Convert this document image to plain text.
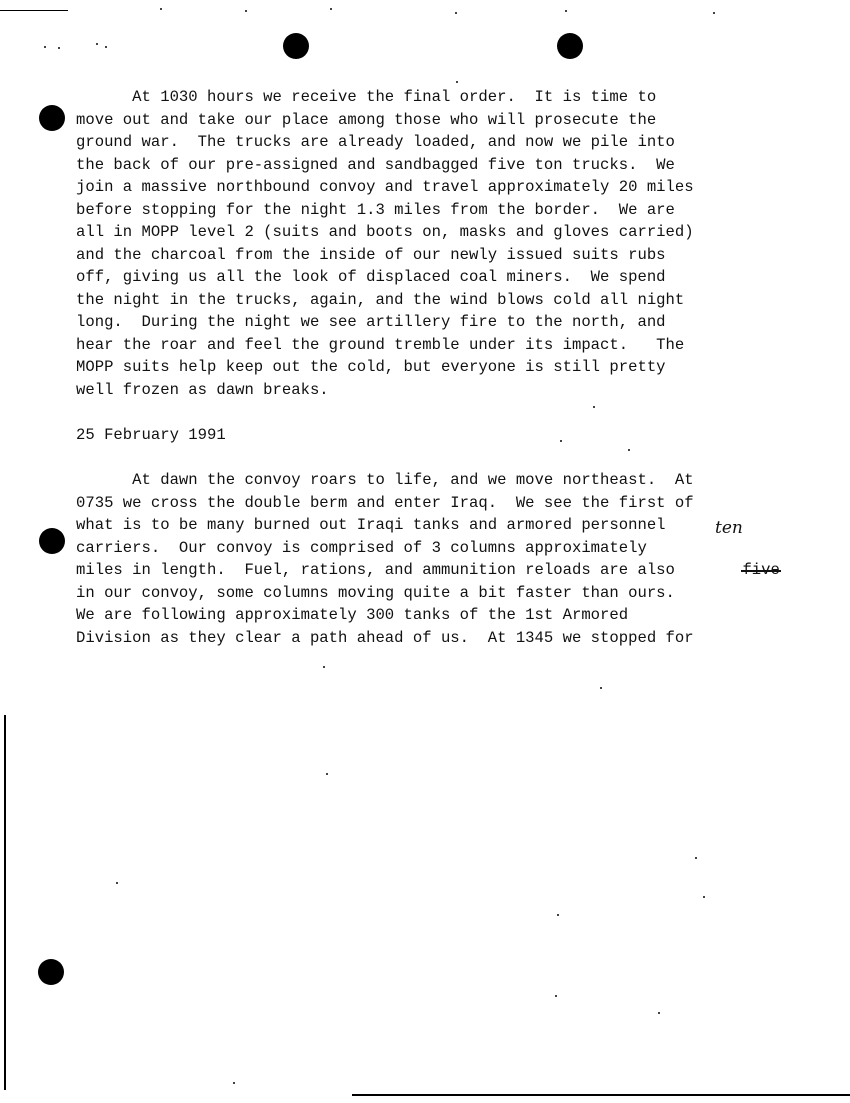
At 1030 hours we receive the final order.  It is time to
move out and take our place among those who will prosecute the
ground war.  The trucks are already loaded, and now we pile into
the back of our pre-assigned and sandbagged five ton trucks.  We
join a massive northbound convoy and travel approximately 20 miles
before stopping for the night 1.3 miles from the border.  We are
all in MOPP level 2 (suits and boots on, masks and gloves carried)
and the charcoal from the inside of our newly issued suits rubs
off, giving us all the look of displaced coal miners.  We spend
the night in the trucks, again, and the wind blows cold all night
long.  During the night we see artillery fire to the north, and
hear the roar and feel the ground tremble under its impact.   The
MOPP suits help keep out the cold, but everyone is still pretty
well frozen as dawn breaks.
25 February 1991
At dawn the convoy roars to life, and we move northeast.  At
0735 we cross the double berm and enter Iraq.  We see the first of
what is to be many burned out Iraqi tanks and armored personnel
carriers.  Our convoy is comprised of 3 columns approximately
miles in length.  Fuel, rations, and ammunition reloads are also
in our convoy, some columns moving quite a bit faster than ours.
We are following approximately 300 tanks of the 1st Armored
Division as they clear a path ahead of us.  At 1345 we stopped for

five

ten
